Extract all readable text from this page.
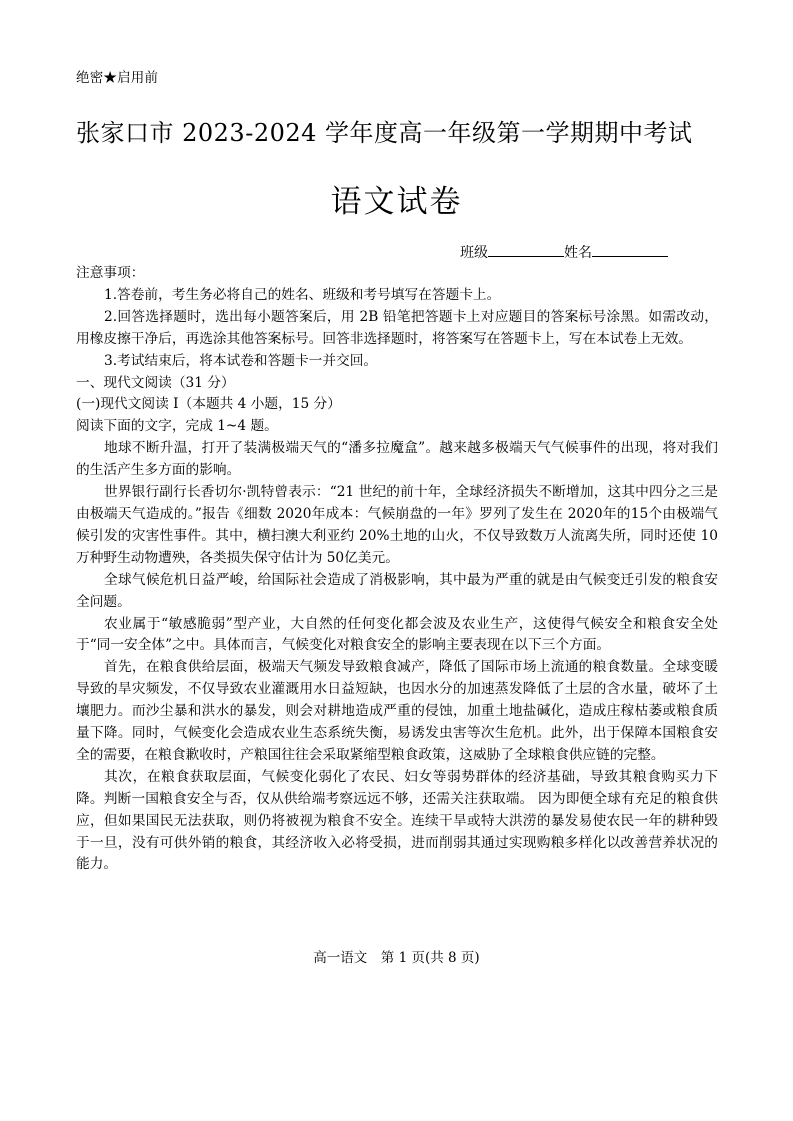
绝密★启用前
张家口市 2023-2024 学年度高一年级第一学期期中考试
语文试卷
班级	姓名

注意事项：

1.答卷前，考生务必将自己的姓名、班级和考号填写在答题卡上。

2.回答选择题时，选出每小题答案后，用 2B 铅笔把答题卡上对应题目的答案标号涂黑。如需改动，用橡皮擦干净后，再选涂其他答案标号。回答非选择题时，将答案写在答题卡上，写在本试卷上无效。

3.考试结束后，将本试卷和答题卡一并交回。

一、现代文阅读（31 分）

(一)现代文阅读 I（本题共 4 小题，15 分）

阅读下面的文字，完成 1~4 题。

地球不断升温，打开了装满极端天气的“潘多拉魔盒”。越来越多极端天气气候事件的出现，将对我们的生活产生多方面的影响。

世界银行副行长香切尔·凯特曾表示：“21 世纪的前十年，全球经济损失不断增加，这其中四分之三是由极端天气造成的。”报告《细数 2020年成本：气候崩盘的一年》罗列了发生在 2020年的15个由极端气候引发的灾害性事件。其中，横扫澳大利亚约 20%土地的山火，不仅导致数万人流离失所，同时还使 10万种野生动物遭殃，各类损失保守估计为 50亿美元。

全球气候危机日益严峻，给国际社会造成了消极影响，其中最为严重的就是由气候变迁引发的粮食安全问题。

农业属于“敏感脆弱”型产业，大自然的任何变化都会波及农业生产，这使得气候安全和粮食安全处于“同一安全体”之中。具体而言，气候变化对粮食安全的影响主要表现在以下三个方面。

首先，在粮食供给层面，极端天气频发导致粮食减产，降低了国际市场上流通的粮食数量。全球变暖导致的旱灾频发，不仅导致农业灌溉用水日益短缺，也因水分的加速蒸发降低了土层的含水量，破坏了土壤肥力。而沙尘暴和洪水的暴发，则会对耕地造成严重的侵蚀，加重土地盐碱化，造成庄稼枯萎或粮食质量下降。同时，气候变化会造成农业生态系统失衡，易诱发虫害等次生危机。此外，出于保障本国粮食安全的需要，在粮食歉收时，产粮国往往会采取紧缩型粮食政策，这威胁了全球粮食供应链的完整。

其次，在粮食获取层面，气候变化弱化了农民、妇女等弱势群体的经济基础，导致其粮食购买力下降。判断一国粮食安全与否，仅从供给端考察远远不够，还需关注获取端。 因为即便全球有充足的粮食供应，但如果国民无法获取，则仍将被视为粮食不安全。连续干旱或特大洪涝的暴发易使农民一年的耕种毁于一旦，没有可供外销的粮食，其经济收入必将受损，进而削弱其通过实现购粮多样化以改善营养状况的能力。

高一语文　第 1 页(共 8 页)
